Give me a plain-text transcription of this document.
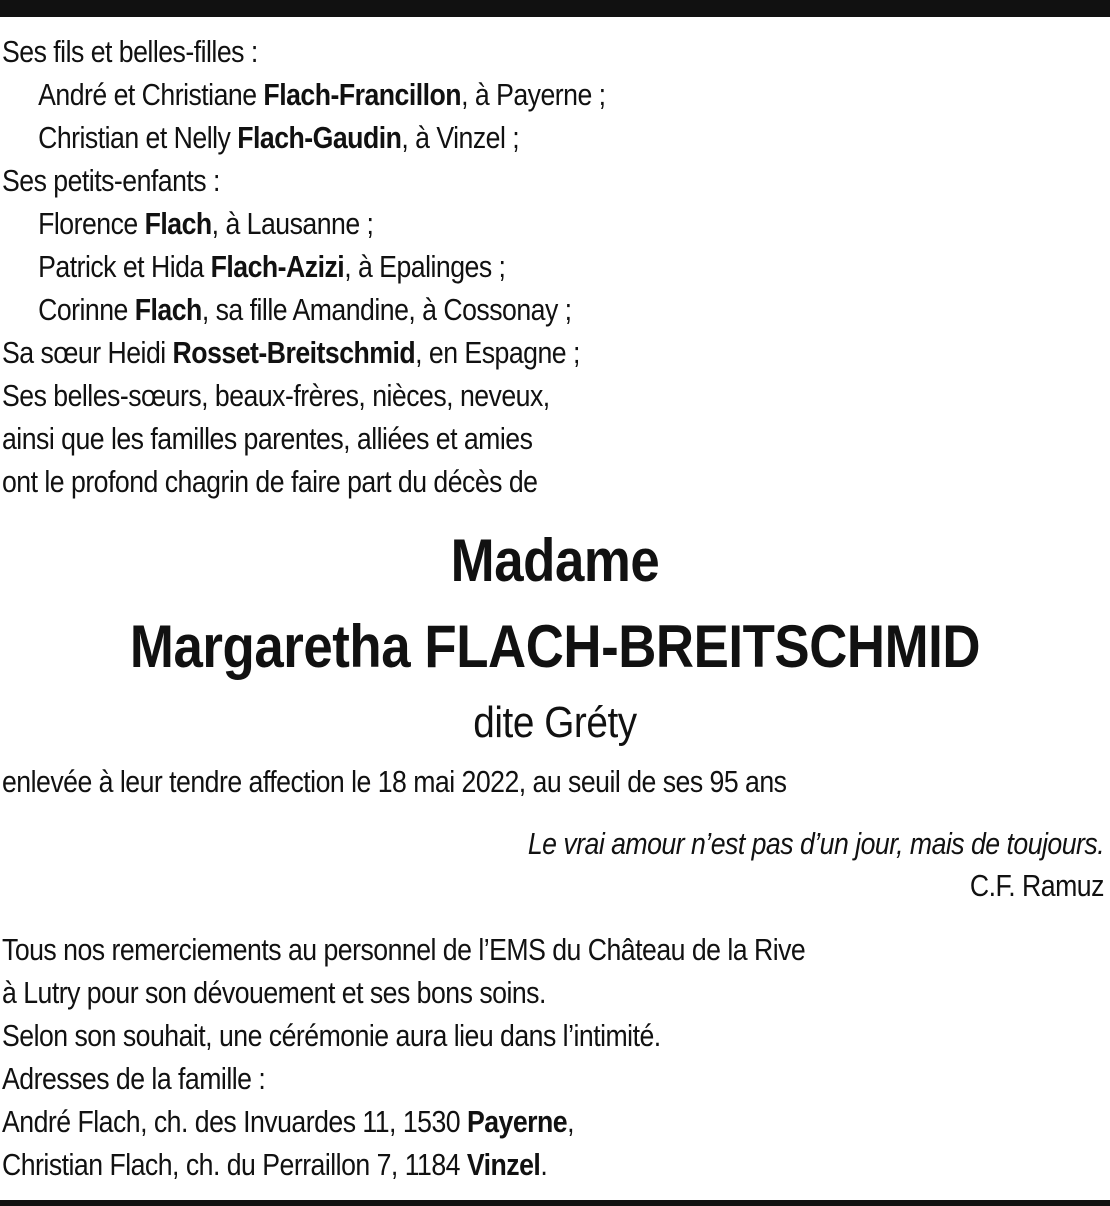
Ses fils et belles-filles :
André et Christiane Flach-Francillon, à Payerne ;
Christian et Nelly Flach-Gaudin, à Vinzel ;
Ses petits-enfants :
Florence Flach, à Lausanne ;
Patrick et Hida Flach-Azizi, à Epalinges ;
Corinne Flach, sa fille Amandine, à Cossonay ;
Sa sœur Heidi Rosset-Breitschmid, en Espagne ;
Ses belles-sœurs, beaux-frères, nièces, neveux,
ainsi que les familles parentes, alliées et amies
ont le profond chagrin de faire part du décès de
Madame
Margaretha FLACH-BREITSCHMID
dite Gréty
enlevée à leur tendre affection le 18 mai 2022, au seuil de ses 95 ans
Le vrai amour n’est pas d’un jour, mais de toujours.
C.F. Ramuz
Tous nos remerciements au personnel de l’EMS du Château de la Rive
à Lutry pour son dévouement et ses bons soins.
Selon son souhait, une cérémonie aura lieu dans l’intimité.
Adresses de la famille :
André Flach, ch. des Invuardes 11, 1530 Payerne,
Christian Flach, ch. du Perraillon 7, 1184 Vinzel.
